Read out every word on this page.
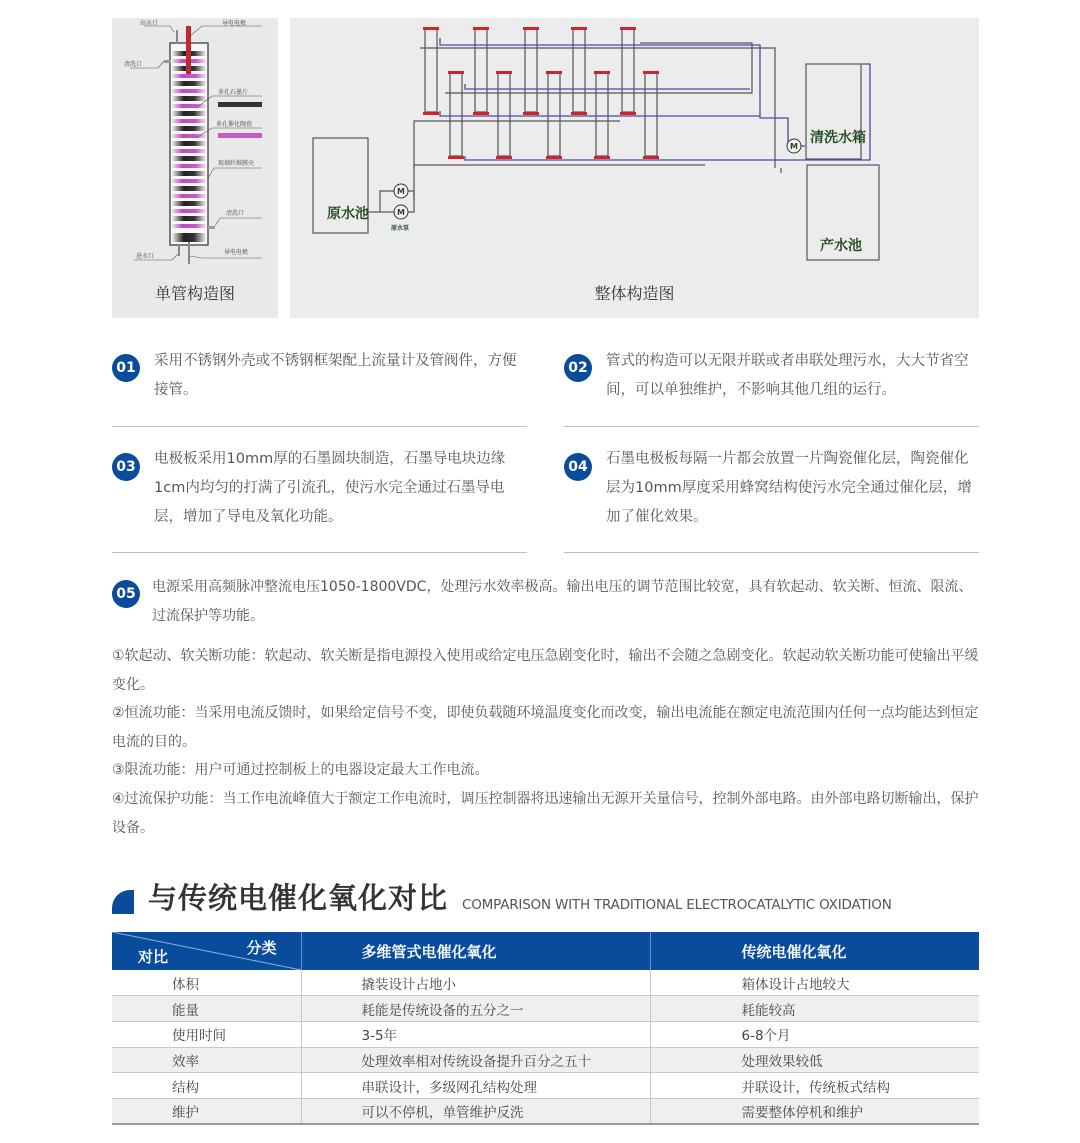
导电电极
出水口
清洗口
多孔石墨片
多孔催化陶瓷
玻璃纤维膜壳
清洗口
进水口
导电电极
单管构造图
M
M
M
原水池
原水泵
清洗水箱
产水池
整体构造图
01 采用不锈钢外壳或不锈钢框架配上流量计及管阀件，方便接管。
02 管式的构造可以无限并联或者串联处理污水，大大节省空间，可以单独维护，不影响其他几组的运行。
03 电极板采用10mm厚的石墨圆块制造，石墨导电块边缘1cm内均匀的打满了引流孔，使污水完全通过石墨导电层，增加了导电及氧化功能。
04 石墨电极板每隔一片都会放置一片陶瓷催化层，陶瓷催化层为10mm厚度采用蜂窝结构使污水完全通过催化层，增加了催化效果。
05	电源采用高频脉冲整流电压1050-1800VDC，处理污水效率极高。输出电压的调节范围比较宽，具有软起动、软关断、恒流、限流、过流保护等功能。
①软起动、软关断功能：软起动、软关断是指电源投入使用或给定电压急剧变化时，输出不会随之急剧变化。软起动软关断功能可使输出平缓变化。
②恒流功能：当采用电流反馈时，如果给定信号不变，即使负载随环境温度变化而改变，输出电流能在额定电流范围内任何一点均能达到恒定电流的目的。
③限流功能：用户可通过控制板上的电器设定最大工作电流。
④过流保护功能：当工作电流峰值大于额定工作电流时，调压控制器将迅速输出无源开关量信号，控制外部电路。由外部电路切断输出，保护设备。
与传统电催化氧化对比 COMPARISON WITH TRADITIONAL ELECTROCATALYTIC OXIDATION
分类
对比	多维管式电催化氧化	传统电催化氧化
体积	撬装设计占地小	箱体设计占地较大
能量	耗能是传统设备的五分之一	耗能较高
使用时间	3-5年	6-8个月
效率	处理效率相对传统设备提升百分之五十	处理效果较低
结构	串联设计，多级网孔结构处理	并联设计，传统板式结构
维护	可以不停机，单管维护反洗	需要整体停机和维护
